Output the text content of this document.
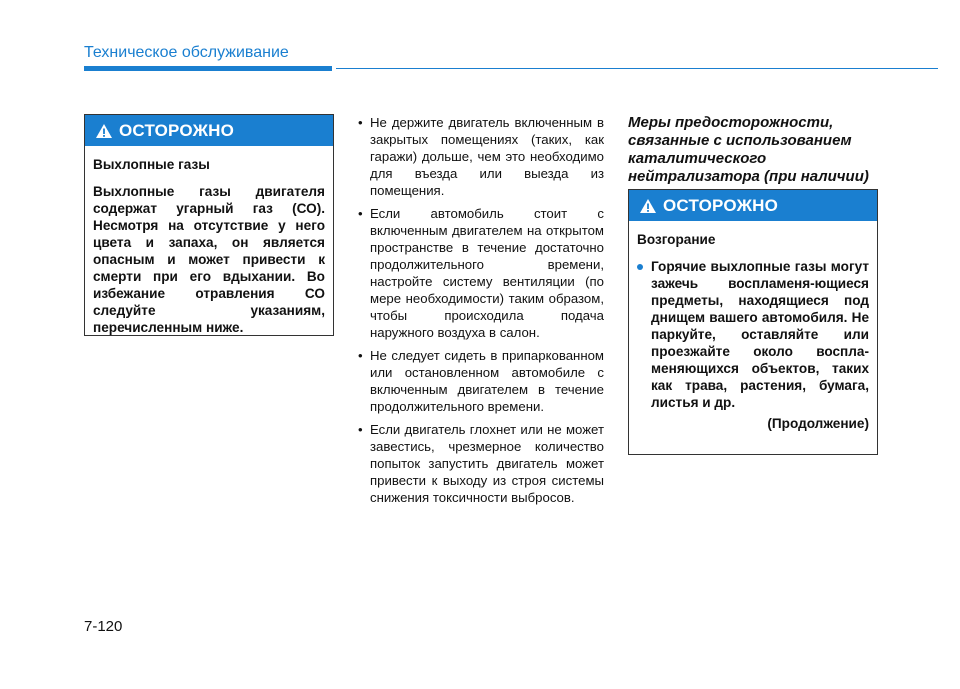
Техническое обслуживание
ОСТОРОЖНО
Выхлопные газы
Выхлопные газы двигателя содержат угарный газ (СО). Несмотря на отсутствие у него цвета и запаха, он является опасным и может привести к смерти при его вдыхании. Во избежание отравления СО следуйте указаниям, перечисленным ниже.
• Не держите двигатель включенным в закрытых помещениях (таких, как гаражи) дольше, чем это необходимо для въезда или выезда из помещения.
• Если автомобиль стоит с включенным двигателем на открытом пространстве в течение достаточно продолжительного времени, настройте систему вентиляции (по мере необходимости) таким образом, чтобы происходила подача наружного воздуха в салон.
• Не следует сидеть в припаркованном или остановленном автомобиле с включенным двигателем в течение продолжительного времени.
• Если двигатель глохнет или не может завестись, чрезмерное количество попыток запустить двигатель может привести к выходу из строя системы снижения токсичности выбросов.
Меры предосторожности, связанные с использованием каталитического нейтрализатора (при наличии)
ОСТОРОЖНО
Возгорание
Горячие выхлопные газы могут зажечь воспламеня-ющиеся предметы, находящиеся под днищем вашего автомобиля. Не паркуйте, оставляйте или проезжайте около воспла-меняющихся объектов, таких как трава, растения, бумага, листья и др.
(Продолжение)
7-120
